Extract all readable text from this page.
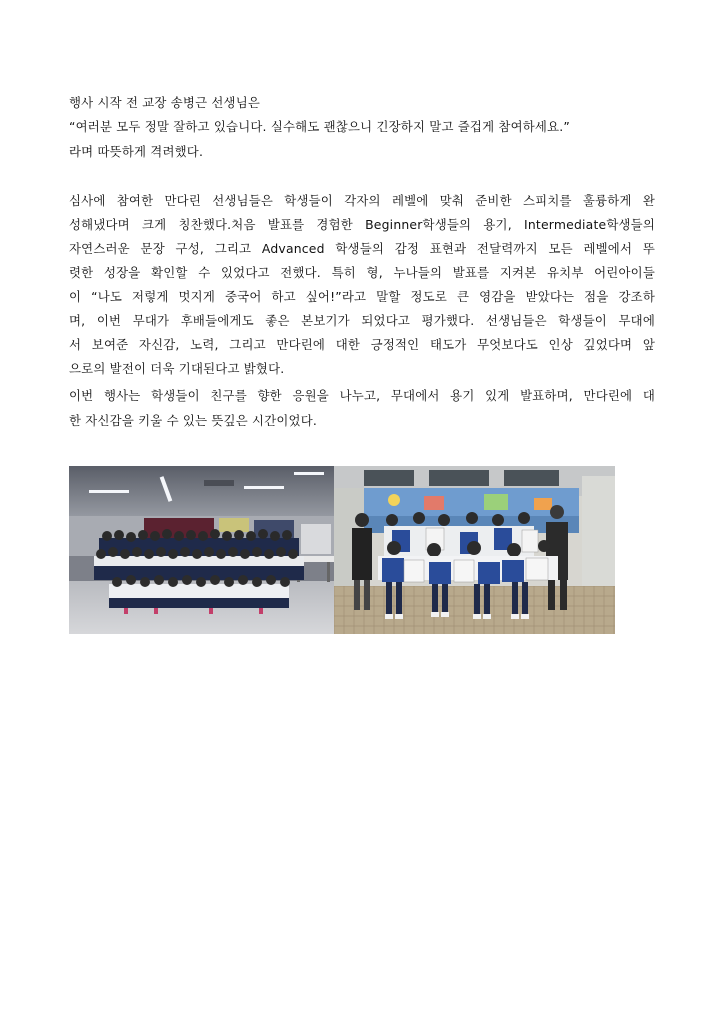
행사 시작 전 교장 송병근 선생님은
“여러분 모두 정말 잘하고 있습니다. 실수해도 괜찮으니 긴장하지 말고 즐겁게 참여하세요.”
라며 따뜻하게 격려했다.
심사에 참여한 만다린 선생님들은 학생들이 각자의 레벨에 맞춰 준비한 스피치를 훌륭하게 완
성해냈다며 크게 칭찬했다.처음 발표를 경험한 Beginner학생들의 용기, Intermediate학생들의
자연스러운 문장 구성, 그리고 Advanced 학생들의 감정 표현과 전달력까지 모든 레벨에서 뚜
렷한 성장을 확인할 수 있었다고 전했다. 특히 형, 누나들의 발표를 지켜본 유치부 어린아이들
이 “나도 저렇게 멋지게 중국어 하고 싶어!”라고 말할 정도로 큰 영감을 받았다는 점을 강조하
며, 이번 무대가 후배들에게도 좋은 본보기가 되었다고 평가했다. 선생님들은 학생들이 무대에
서 보여준 자신감, 노력, 그리고 만다린에 대한 긍정적인 태도가 무엇보다도 인상 깊었다며 앞
으로의 발전이 더욱 기대된다고 밝혔다.
이번 행사는 학생들이 친구를 향한 응원을 나누고, 무대에서 용기 있게 발표하며, 만다린에 대
한 자신감을 키울 수 있는 뜻깊은 시간이었다.
